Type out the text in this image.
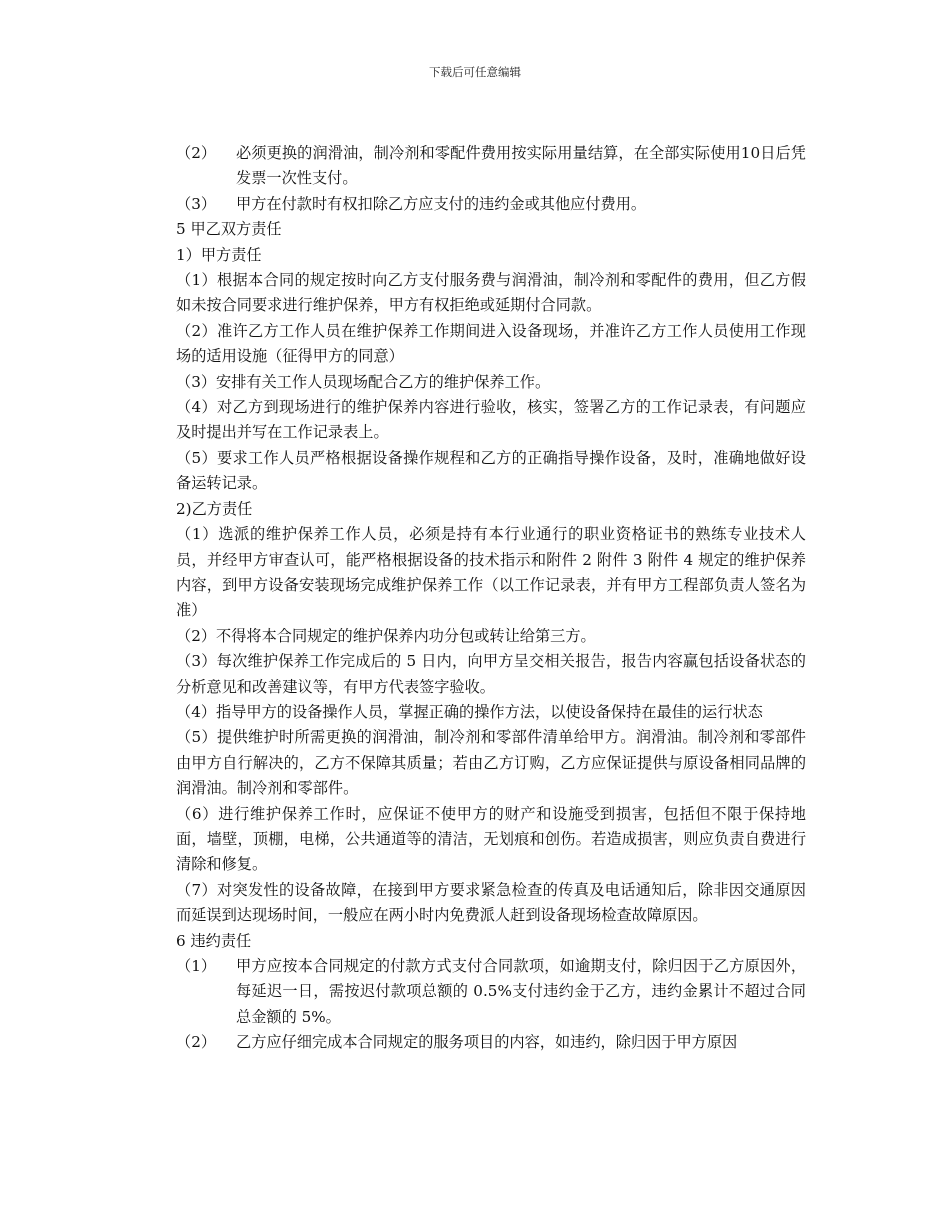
下载后可任意编辑
（2）	必须更换的润滑油，制冷剂和零配件费用按实际用量结算，在全部实际使用10日后凭发票一次性支付。
（3）	甲方在付款时有权扣除乙方应支付的违约金或其他应付费用。

5 甲乙双方责任

1）甲方责任

（1）根据本合同的规定按时向乙方支付服务费与润滑油，制冷剂和零配件的费用，但乙方假如未按合同要求进行维护保养，甲方有权拒绝或延期付合同款。

（2）准许乙方工作人员在维护保养工作期间进入设备现场，并准许乙方工作人员使用工作现场的适用设施（征得甲方的同意）

（3）安排有关工作人员现场配合乙方的维护保养工作。

（4）对乙方到现场进行的维护保养内容进行验收，核实，签署乙方的工作记录表，有问题应及时提出并写在工作记录表上。

（5）要求工作人员严格根据设备操作规程和乙方的正确指导操作设备，及时，准确地做好设备运转记录。

2)乙方责任

（1）选派的维护保养工作人员，必须是持有本行业通行的职业资格证书的熟练专业技术人员，并经甲方审查认可，能严格根据设备的技术指示和附件 2 附件 3 附件 4 规定的维护保养内容，到甲方设备安装现场完成维护保养工作（以工作记录表，并有甲方工程部负责人签名为准）

（2）不得将本合同规定的维护保养内功分包或转让给第三方。

（3）每次维护保养工作完成后的 5 日内，向甲方呈交相关报告，报告内容赢包括设备状态的分析意见和改善建议等，有甲方代表签字验收。

（4）指导甲方的设备操作人员，掌握正确的操作方法，以使设备保持在最佳的运行状态

（5）提供维护时所需更换的润滑油，制冷剂和零部件清单给甲方。润滑油。制冷剂和零部件由甲方自行解决的，乙方不保障其质量；若由乙方订购，乙方应保证提供与原设备相同品牌的润滑油。制冷剂和零部件。

（6）进行维护保养工作时，应保证不使甲方的财产和设施受到损害，包括但不限于保持地面，墙壁，顶棚，电梯，公共通道等的清洁，无划痕和创伤。若造成损害，则应负责自费进行清除和修复。

（7）对突发性的设备故障，在接到甲方要求紧急检查的传真及电话通知后，除非因交通原因而延误到达现场时间，一般应在两小时内免费派人赶到设备现场检查故障原因。

6 违约责任

（1）	甲方应按本合同规定的付款方式支付合同款项，如逾期支付，除归因于乙方原因外，每延迟一日，需按迟付款项总额的 0.5%支付违约金于乙方，违约金累计不超过合同总金额的 5%。
（2）	乙方应仔细完成本合同规定的服务项目的内容，如违约，除归因于甲方原因
